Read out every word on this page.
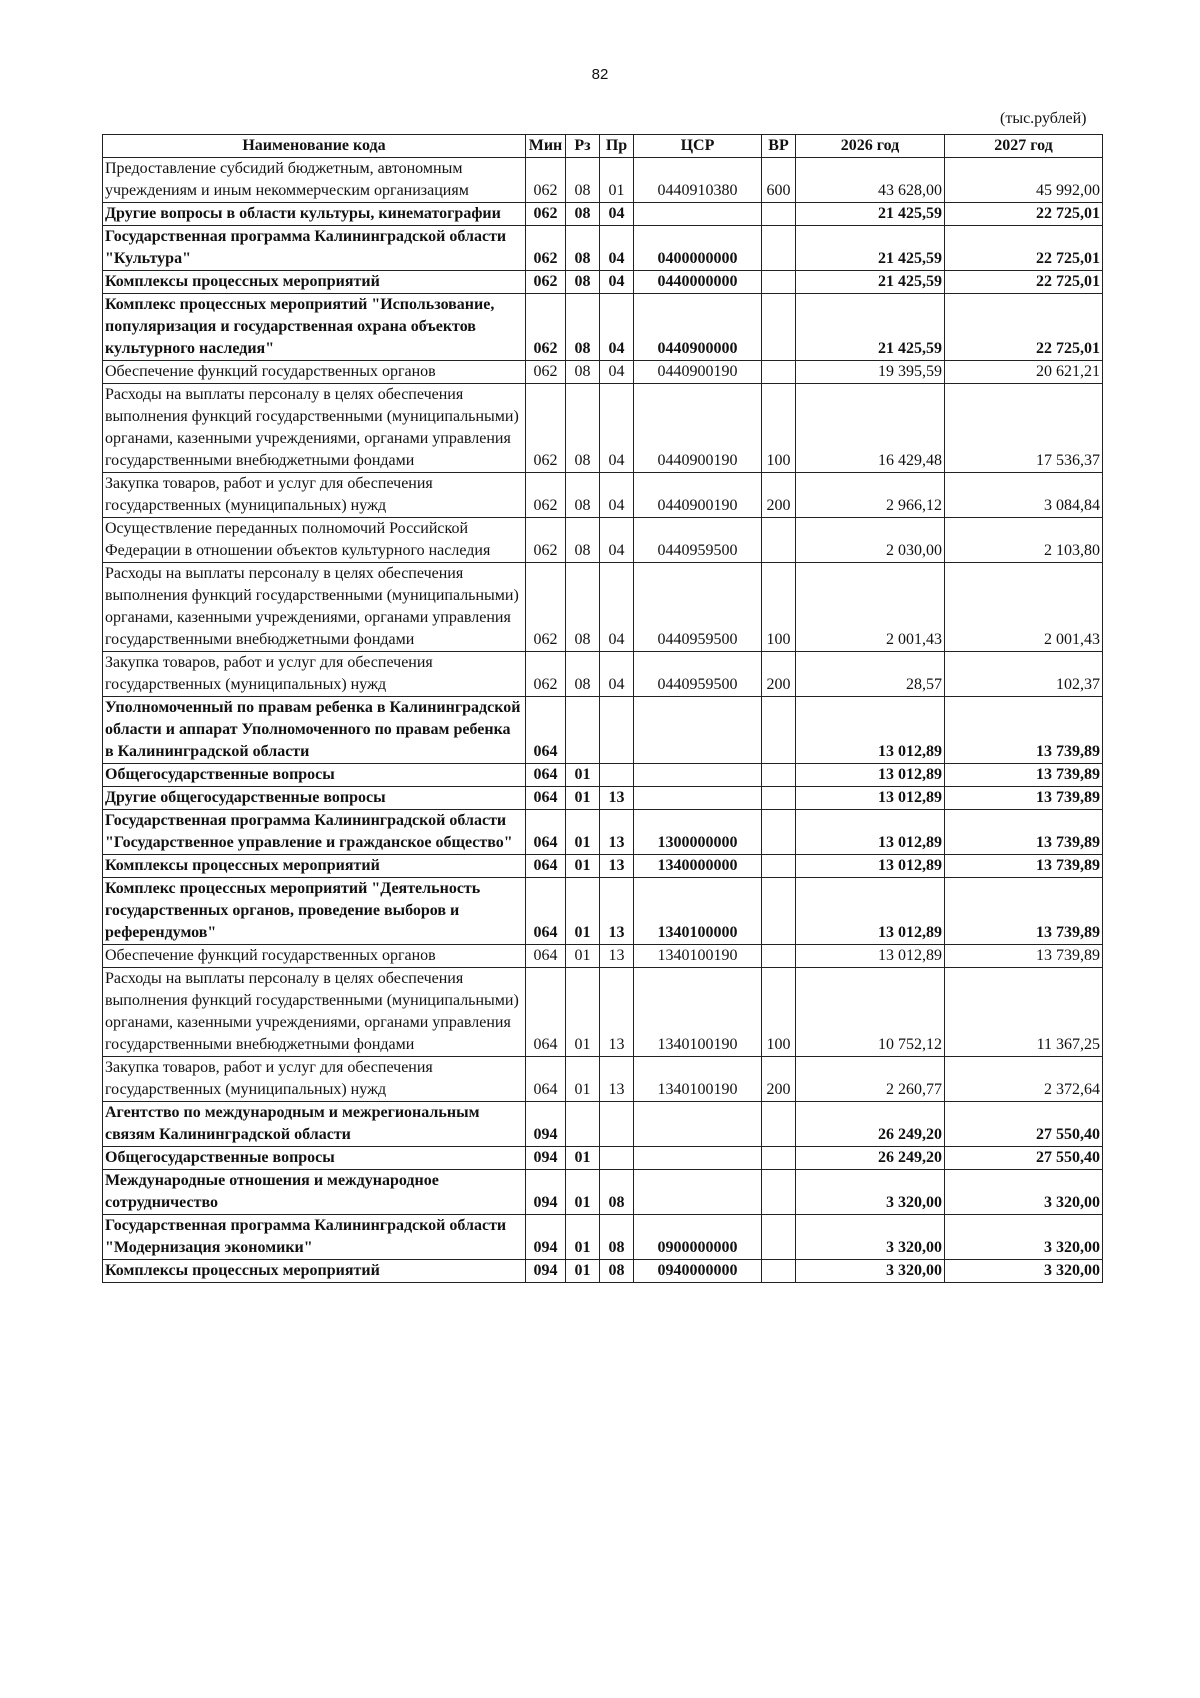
82
(тыс.рублей)
Наименование кода	Мин	Рз	Пр	ЦСР	ВР	2026 год	2027 год
Предоставление субсидий бюджетным, автономным учреждениям и иным некоммерческим организациям	062	08	01	0440910380	600	43 628,00	45 992,00
Другие вопросы в области культуры, кинематографии	062	08	04			21 425,59	22 725,01
Государственная программа Калининградской области "Культура"	062	08	04	0400000000		21 425,59	22 725,01
Комплексы процессных мероприятий	062	08	04	0440000000		21 425,59	22 725,01
Комплекс процессных мероприятий "Использование, популяризация и государственная охрана объектов культурного наследия"	062	08	04	0440900000		21 425,59	22 725,01
Обеспечение функций государственных органов	062	08	04	0440900190		19 395,59	20 621,21
Расходы на выплаты персоналу в целях обеспечения выполнения функций государственными (муниципальными) органами, казенными учреждениями, органами управления государственными внебюджетными фондами	062	08	04	0440900190	100	16 429,48	17 536,37
Закупка товаров, работ и услуг для обеспечения государственных (муниципальных) нужд	062	08	04	0440900190	200	2 966,12	3 084,84
Осуществление переданных полномочий Российской Федерации в отношении объектов культурного наследия	062	08	04	0440959500		2 030,00	2 103,80
Расходы на выплаты персоналу в целях обеспечения выполнения функций государственными (муниципальными) органами, казенными учреждениями, органами управления государственными внебюджетными фондами	062	08	04	0440959500	100	2 001,43	2 001,43
Закупка товаров, работ и услуг для обеспечения государственных (муниципальных) нужд	062	08	04	0440959500	200	28,57	102,37
Уполномоченный по правам ребенка в Калининградской области и аппарат Уполномоченного по правам ребенка в Калининградской области	064					13 012,89	13 739,89
Общегосударственные вопросы	064	01				13 012,89	13 739,89
Другие общегосударственные вопросы	064	01	13			13 012,89	13 739,89
Государственная программа Калининградской области "Государственное управление и гражданское общество"	064	01	13	1300000000		13 012,89	13 739,89
Комплексы процессных мероприятий	064	01	13	1340000000		13 012,89	13 739,89
Комплекс процессных мероприятий "Деятельность государственных органов, проведение выборов и референдумов"	064	01	13	1340100000		13 012,89	13 739,89
Обеспечение функций государственных органов	064	01	13	1340100190		13 012,89	13 739,89
Расходы на выплаты персоналу в целях обеспечения выполнения функций государственными (муниципальными) органами, казенными учреждениями, органами управления государственными внебюджетными фондами	064	01	13	1340100190	100	10 752,12	11 367,25
Закупка товаров, работ и услуг для обеспечения государственных (муниципальных) нужд	064	01	13	1340100190	200	2 260,77	2 372,64
Агентство по международным и межрегиональным связям Калининградской области	094					26 249,20	27 550,40
Общегосударственные вопросы	094	01				26 249,20	27 550,40
Международные отношения и международное сотрудничество	094	01	08			3 320,00	3 320,00
Государственная программа Калининградской области "Модернизация экономики"	094	01	08	0900000000		3 320,00	3 320,00
Комплексы процессных мероприятий	094	01	08	0940000000		3 320,00	3 320,00
